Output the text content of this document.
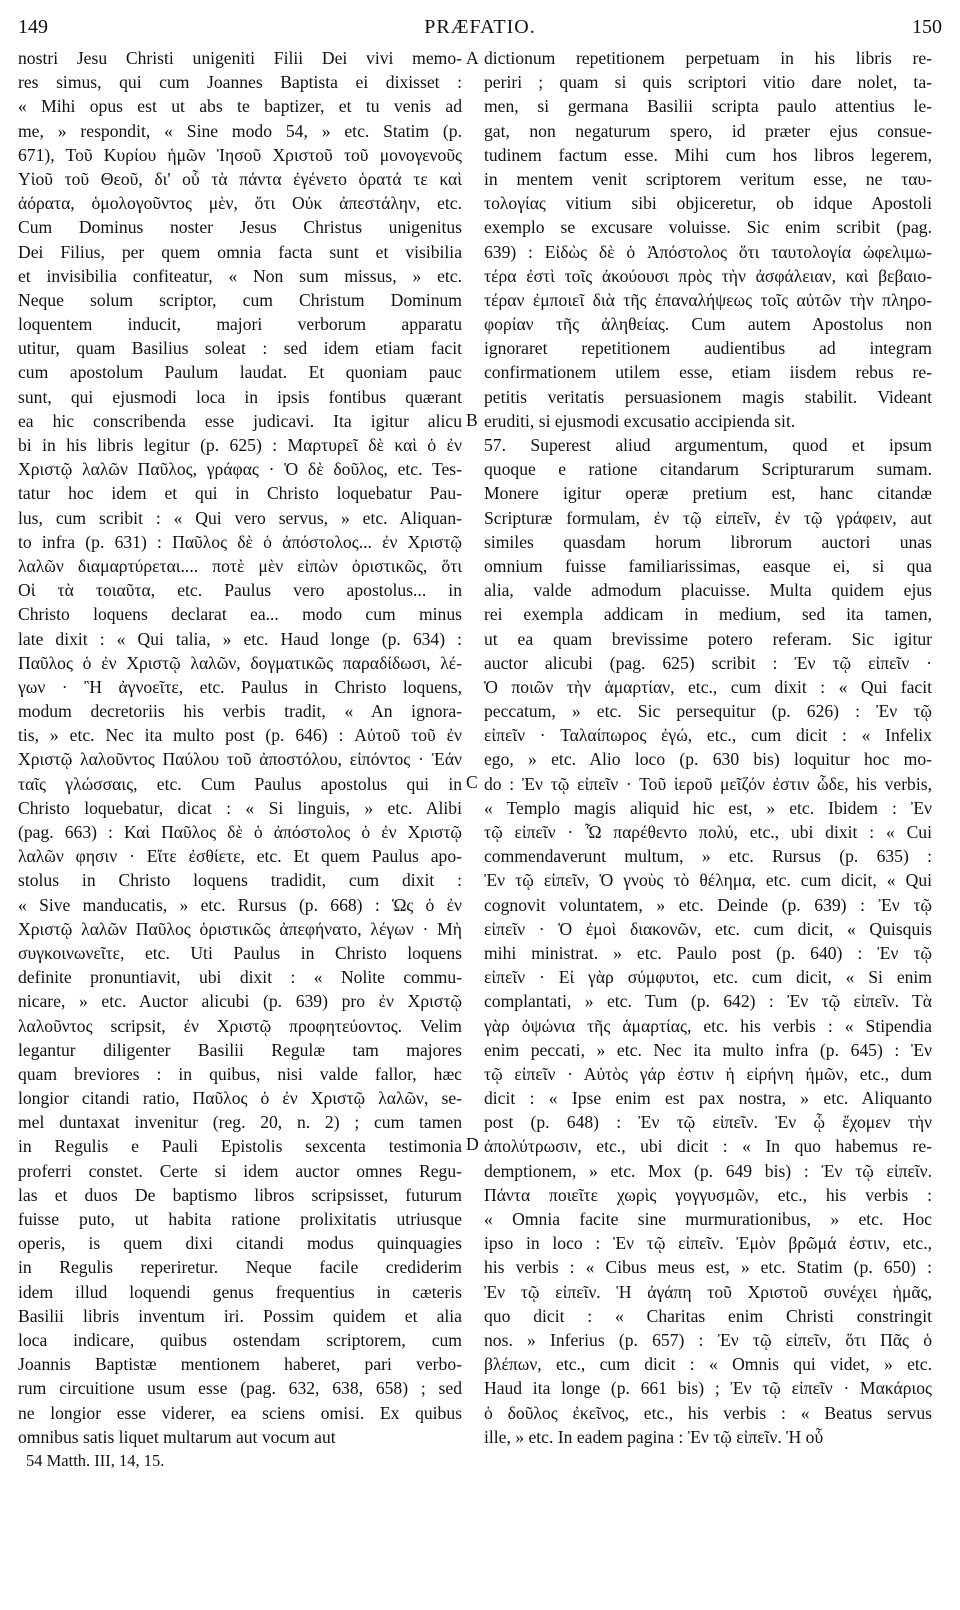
149	PRÆFATIO.	150
nostri Jesu Christi unigeniti Filii Dei vivi memo-
res simus, qui cum Joannes Baptista ei dixisset :
« Mihi opus est ut abs te baptizer, et tu venis ad
me, » respondit, « Sine modo 54, » etc. Statim (p.
671), Τοῦ Κυρίου ἡμῶν Ἰησοῦ Χριστοῦ τοῦ μονογενοῦς
Υἱοῦ τοῦ Θεοῦ, δι' οὗ τὰ πάντα ἐγένετο ὁρατά τε καὶ
ἀόρατα, ὁμολογοῦντος μὲν, ὅτι Οὐκ ἀπεστάλην, etc.
Cum Dominus noster Jesus Christus unigenitus
Dei Filius, per quem omnia facta sunt et visibilia
et invisibilia confiteatur, « Non sum missus, » etc.
Neque solum scriptor, cum Christum Dominum
loquentem inducit, majori verborum apparatu
utitur, quam Basilius soleat : sed idem etiam facit
cum apostolum Paulum laudat. Et quoniam pauc
sunt, qui ejusmodi loca in ipsis fontibus quærant
ea hic conscribenda esse judicavi. Ita igitur alicu
bi in his libris legitur (p. 625) : Μαρτυρεῖ δὲ καὶ ὁ ἐν
Χριστῷ λαλῶν Παῦλος, γράφας · Ὁ δὲ δοῦλος, etc. Tes-
tatur hoc idem et qui in Christo loquebatur Pau-
lus, cum scribit : « Qui vero servus, » etc. Aliquan-
to infra (p. 631) : Παῦλος δὲ ὁ ἀπόστολος... ἐν Χριστῷ
λαλῶν διαμαρτύρεται.... ποτὲ μὲν εἰπὼν ὁριστικῶς, ὅτι
Οἱ τὰ τοιαῦτα, etc. Paulus vero apostolus... in
Christo loquens declarat ea... modo cum minus
late dixit : « Qui talia, » etc. Haud longe (p. 634) :
Παῦλος ὁ ἐν Χριστῷ λαλῶν, δογματικῶς παραδίδωσι, λέ-
γων · Ἢ ἀγνοεῖτε, etc. Paulus in Christo loquens,
modum decretoriis his verbis tradit, « An ignora-
tis, » etc. Nec ita multo post (p. 646) : Αὐτοῦ τοῦ ἐν
Χριστῷ λαλοῦντος Παύλου τοῦ ἀποστόλου, εἰπόντος · Ἐάν
ταῖς γλώσσαις, etc. Cum Paulus apostolus qui in
Christo loquebatur, dicat : « Si linguis, » etc. Alibi
(pag. 663) : Καὶ Παῦλος δὲ ὁ ἀπόστολος ὁ ἐν Χριστῷ
λαλῶν φησιν · Εἴτε ἐσθίετε, etc. Et quem Paulus apo-
stolus in Christo loquens tradidit, cum dixit :
« Sive manducatis, » etc. Rursus (p. 668) : Ὡς ὁ ἐν
Χριστῷ λαλῶν Παῦλος ὁριστικῶς ἀπεφήνατο, λέγων · Μὴ
συγκοινωνεῖτε, etc. Uti Paulus in Christo loquens
definite pronuntiavit, ubi dixit : « Nolite commu-
nicare, » etc. Auctor alicubi (p. 639) pro ἐν Χριστῷ
λαλοῦντος scripsit, ἐν Χριστῷ προφητεύοντος. Velim
legantur diligenter Basilii Regulæ tam majores
quam breviores : in quibus, nisi valde fallor, hæc
longior citandi ratio, Παῦλος ὁ ἐν Χριστῷ λαλῶν, se-
mel duntaxat invenitur (reg. 20, n. 2) ; cum tamen
in Regulis e Pauli Epistolis sexcenta testimonia
proferri constet. Certe si idem auctor omnes Regu-
las et duos De baptismo libros scripsisset, futurum
fuisse puto, ut habita ratione prolixitatis utriusque
operis, is quem dixi citandi modus quinquagies
in Regulis reperiretur. Neque facile crediderim
idem illud loquendi genus frequentius in cæteris
Basilii libris inventum iri. Possim quidem et alia
loca indicare, quibus ostendam scriptorem, cum
Joannis Baptistæ mentionem haberet, pari verbo-
rum circuitione usum esse (pag. 632, 638, 658) ; sed
ne longior esse viderer, ea sciens omisi. Ex quibus
omnibus satis liquet multarum aut vocum aut
54 Matth. III, 14, 15.
dictionum repetitionem perpetuam in his libris re-
periri ; quam si quis scriptori vitio dare nolet, ta-
men, si germana Basilii scripta paulo attentius le-
gat, non negaturum spero, id præter ejus consue-
tudinem factum esse. Mihi cum hos libros legerem,
in mentem venit scriptorem veritum esse, ne ταυ-
τολογίας vitium sibi objiceretur, ob idque Apostoli
exemplo se excusare voluisse. Sic enim scribit (pag.
639) : Εἰδὼς δὲ ὁ Ἀπόστολος ὅτι ταυτολογία ὠφελιμω-
τέρα ἐστὶ τοῖς ἀκούουσι πρὸς τὴν ἀσφάλειαν, καὶ βεβαιο-
τέραν ἐμποιεῖ διὰ τῆς ἐπαναλήψεως τοῖς αὐτῶν τὴν πληρο-
φορίαν τῆς ἀληθείας. Cum autem Apostolus non
ignoraret repetitionem audientibus ad integram
confirmationem utilem esse, etiam iisdem rebus re-
petitis veritatis persuasionem magis stabilit. Videant
eruditi, si ejusmodi excusatio accipienda sit.
57. Superest aliud argumentum, quod et ipsum
quoque e ratione citandarum Scripturarum sumam.
Monere igitur operæ pretium est, hanc citandæ
Scripturæ formulam, ἐν τῷ εἰπεῖν, ἐν τῷ γράφειν, aut
similes quasdam horum librorum auctori unas
omnium fuisse familiarissimas, easque ei, si qua
alia, valde admodum placuisse. Multa quidem ejus
rei exempla addicam in medium, sed ita tamen,
ut ea quam brevissime potero referam. Sic igitur
auctor alicubi (pag. 625) scribit : Ἐν τῷ εἰπεῖν ·
Ὁ ποιῶν τὴν ἁμαρτίαν, etc., cum dixit : « Qui facit
peccatum, » etc. Sic persequitur (p. 626) : Ἐν τῷ
εἰπεῖν · Ταλαίπωρος ἐγώ, etc., cum dicit : « Infelix
ego, » etc. Alio loco (p. 630 bis) loquitur hoc mo-
do : Ἐν τῷ εἰπεῖν · Τοῦ ἱεροῦ μεῖζόν ἐστιν ὧδε, his verbis,
« Templo magis aliquid hic est, » etc. Ibidem : Ἐν
τῷ εἰπεῖν · Ὧ παρέθεντο πολύ, etc., ubi dixit : « Cui
commendaverunt multum, » etc. Rursus (p. 635) :
Ἐν τῷ εἰπεῖν, Ὁ γνοὺς τὸ θέλημα, etc. cum dicit, « Qui
cognovit voluntatem, » etc. Deinde (p. 639) : Ἐν τῷ
εἰπεῖν · Ὁ ἐμοὶ διακονῶν, etc. cum dicit, « Quisquis
mihi ministrat. » etc. Paulo post (p. 640) : Ἐν τῷ
εἰπεῖν · Εἰ γὰρ σύμφυτοι, etc. cum dicit, « Si enim
complantati, » etc. Tum (p. 642) : Ἐν τῷ εἰπεῖν. Τὰ
γὰρ ὀψώνια τῆς ἁμαρτίας, etc. his verbis : « Stipendia
enim peccati, » etc. Nec ita multo infra (p. 645) : Ἐν
τῷ εἰπεῖν · Αὐτὸς γάρ ἐστιν ἡ εἰρήνη ἡμῶν, etc., dum
dicit : « Ipse enim est pax nostra, » etc. Aliquanto
post (p. 648) : Ἐν τῷ εἰπεῖν. Ἐν ᾧ ἔχομεν τὴν
ἀπολύτρωσιν, etc., ubi dicit : « In quo habemus re-
demptionem, » etc. Mox (p. 649 bis) : Ἐν τῷ εἰπεῖν.
Πάντα ποιεῖτε χωρὶς γογγυσμῶν, etc., his verbis :
« Omnia facite sine murmurationibus, » etc. Hoc
ipso in loco : Ἐν τῷ εἰπεῖν. Ἐμὸν βρῶμά ἐστιν, etc.,
his verbis : « Cibus meus est, » etc. Statim (p. 650) :
Ἐν τῷ εἰπεῖν. Ἡ ἀγάπη τοῦ Χριστοῦ συνέχει ἡμᾶς,
quo dicit : « Charitas enim Christi constringit
nos. » Inferius (p. 657) : Ἐν τῷ εἰπεῖν, ὅτι Πᾶς ὁ
βλέπων, etc., cum dicit : « Omnis qui videt, » etc.
Haud ita longe (p. 661 bis) ; Ἐν τῷ εἰπεῖν · Μακάριος
ὁ δοῦλος ἐκεῖνος, etc., his verbis : « Beatus servus
ille, » etc. In eadem pagina : Ἐν τῷ εἰπεῖν. Ἡ οὗ
A
B
C
D
